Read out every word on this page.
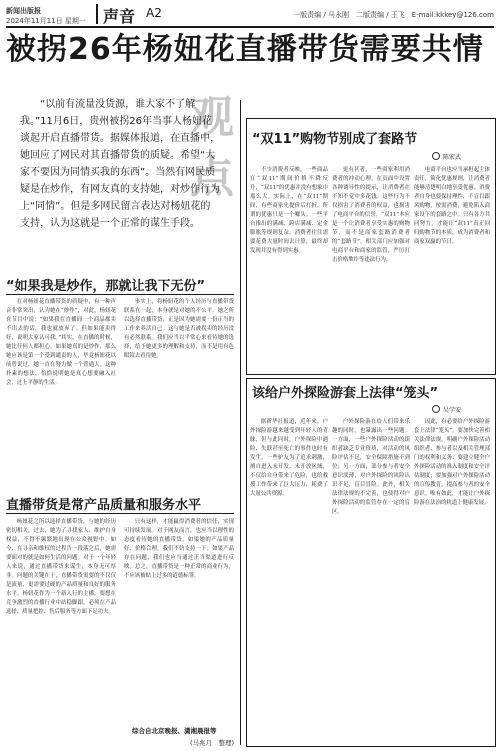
新闻出版报
2024年11月11日 星期一 声音 A2	一版责编 / 马永刚　二版责编 / 王飞　E-mail:kkkey@126.com
被拐26年杨妞花直播带货需要共情
观点

“以前有流量没货源，谁大家不了解我。”11月6日，贵州被拐26年当事人杨妞花谈起开启直播带货。据媒体报道，在直播中，她回应了网民对其直播带货的质疑。希望“大家不要因为同情买我的东西”。当然有网民质疑是在炒作，有网友真的支持她，对炒作行为上“同情”。但是多网民留言表达对杨妞花的支持，认为这就是一个正常的谋生手段。

“如果我是炒作，那就让我下无份”

在对杨妞花直播带货的质疑中，有一种声音非常突出，认为她在“炒作”，对此，杨妞花在节目中说：“如果我在直播间一个商品都卖不出去的话，我也就放弃了。但如果能卖得好，说明大家认可我。”其实，在直播的时候，她比任何人都担心。如果她真的是炒作，那么她应该是第一个受到谴责的人，毕竟杨妞花以前曾说过，她一直在努力做一个普通人。这种朴素的想法，恰恰说明她是真心想要融入社会，过上平静的生活。

事实上，将杨妞花的个人经历与直播带货联系在一起，本身就是对她的不公平。她之所以选择直播带货，正是因为她需要一份正当的工作来养活自己。这与她是否被拐卖的经历没有必然联系。我们应当以平常心来看待她的选择，给予她更多的理解和支持，而不是用有色眼镜去看待她。

直播带货是常产品质量和服务水平

杨妞花之所以选择直播带货，与她的经历密切相关。过去，她为了寻找家人、维护自身权益，不得不频繁地出现在公众视野中。如今，在寻亲和维权的过程告一段落之后，她需要面对的就是如何生活的问题。对于一个年轻人来说，通过直播带货来谋生，本身无可厚非。问题的关键在于，直播带货需要的不仅仅是流量，更需要过硬的产品质量和良好的服务水平。杨妞花作为一个新入行的主播，要想在竞争激烈的直播行业中站稳脚跟，必须在产品选择、质量把控、售后服务等方面下足功夫。

只有这样，才能赢得消费者的信任，实现可持续发展。对于网友而言，也应当以理性的态度看待她的直播带货。如果她的产品质量好、价格合理，我们不妨支持一下；如果产品存在问题，我们也应当通过正当渠道进行反映。总之，直播带货是一种正常的商业行为，不应该被贴上过多的道德标签。

综合自北京晚报、潇湘晨报等
(马兆月　整理)
“双11”购物节别成了套路节
陈宏武

不少消费者反映，一些商品在“双11”期间价格不降反升，“双11”的优惠并没有想象中那么大。实际上，在“双11”期间，有些商家先提价后打折，所谓的优惠只是一个噱头。一些平台推出的满减、跨店满减、定金膨胀等规则复杂，消费者往往需要花费大量时间去计算，最终却发现并没有得到实惠。

更有甚者，一些商家利用消费者的冲动心理，在页面中设置各种诱导性的提示，让消费者在不知不觉中多花钱。这些行为不仅损害了消费者的权益，也损害了电商平台的信誉。“双11”本应是一个让消费者享受实惠的购物节，而不是商家套路消费者的“套路节”。相关部门应加强对电商平台和商家的监管，严厉打击价格欺诈等违法行为。

电商平台也应当承担起主体责任，简化优惠规则，让消费者能够清楚明白地享受优惠。消费者自身也要保持理性，不盲目跟风购物，按需消费，避免陷入商家设下的套路之中。只有各方共同努力，才能让“双11”真正回归购物节的本质，成为消费者和商家双赢的节日。

该给户外探险游套上法律“笼头”
吴学安

据新华社报道，近年来，户外探险游越来越受到年轻人的青睐，但与此同时，户外探险中遇险、失联甚至死亡的事件也时有发生。一些驴友为了追求刺激，擅自进入未开发、未开放区域，不仅给自身带来了危险，也给救援工作带来了巨大压力，耗费了大量公共资源。

户外探险游在给人们带来乐趣的同时，也暴露出一些问题。一方面，一些户外探险活动的组织者缺乏专业资质，对活动的风险评估不足，安全保障措施不到位；另一方面，部分参与者安全意识淡薄，对户外探险的风险认识不足，盲目冒险。此外，相关法律法规的不完善，也使得对户外探险活动的监管存在一定的盲区。

因此，有必要给户外探险游套上法律“笼头”。要加快完善相关法律法规，明确户外探险活动组织者、参与者以及相关管理部门的权利和义务；要建立健全户外探险活动的准入制度和安全评估制度；要加强对户外探险活动的宣传教育，提高参与者的安全意识。唯有如此，才能让户外探险游在法治的轨道上健康发展。
